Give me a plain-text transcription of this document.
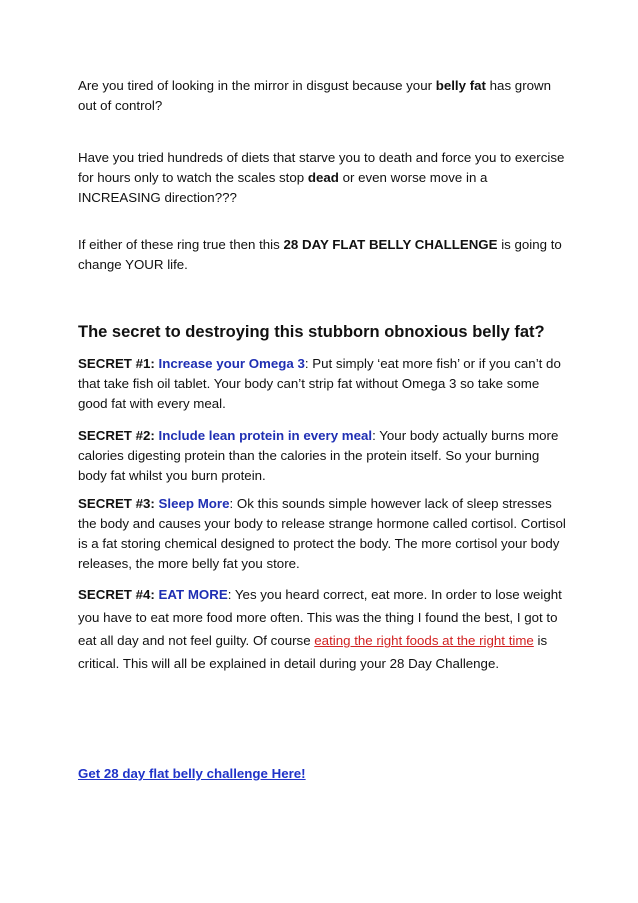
Are you tired of looking in the mirror in disgust because your belly fat has grown out of control?

Have you tried hundreds of diets that starve you to death and force you to exercise for hours only to watch the scales stop dead or even worse move in a INCREASING direction???

If either of these ring true then this 28 DAY FLAT BELLY CHALLENGE is going to change YOUR life.

The secret to destroying this stubborn obnoxious belly fat?

SECRET #1: Increase your Omega 3: Put simply ‘eat more fish’ or if you can’t do that take fish oil tablet. Your body can’t strip fat without Omega 3 so take some good fat with every meal.

SECRET #2: Include lean protein in every meal: Your body actually burns more calories digesting protein than the calories in the protein itself. So your burning body fat whilst you burn protein.

SECRET #3: Sleep More: Ok this sounds simple however lack of sleep stresses the body and causes your body to release strange hormone called cortisol. Cortisol is a fat storing chemical designed to protect the body. The more cortisol your body releases, the more belly fat you store.

SECRET #4: EAT MORE: Yes you heard correct, eat more. In order to lose weight you have to eat more food more often. This was the thing I found the best, I got to eat all day and not feel guilty. Of course eating the right foods at the right time is critical. This will all be explained in detail during your 28 Day Challenge.

Get 28 day flat belly challenge Here!
